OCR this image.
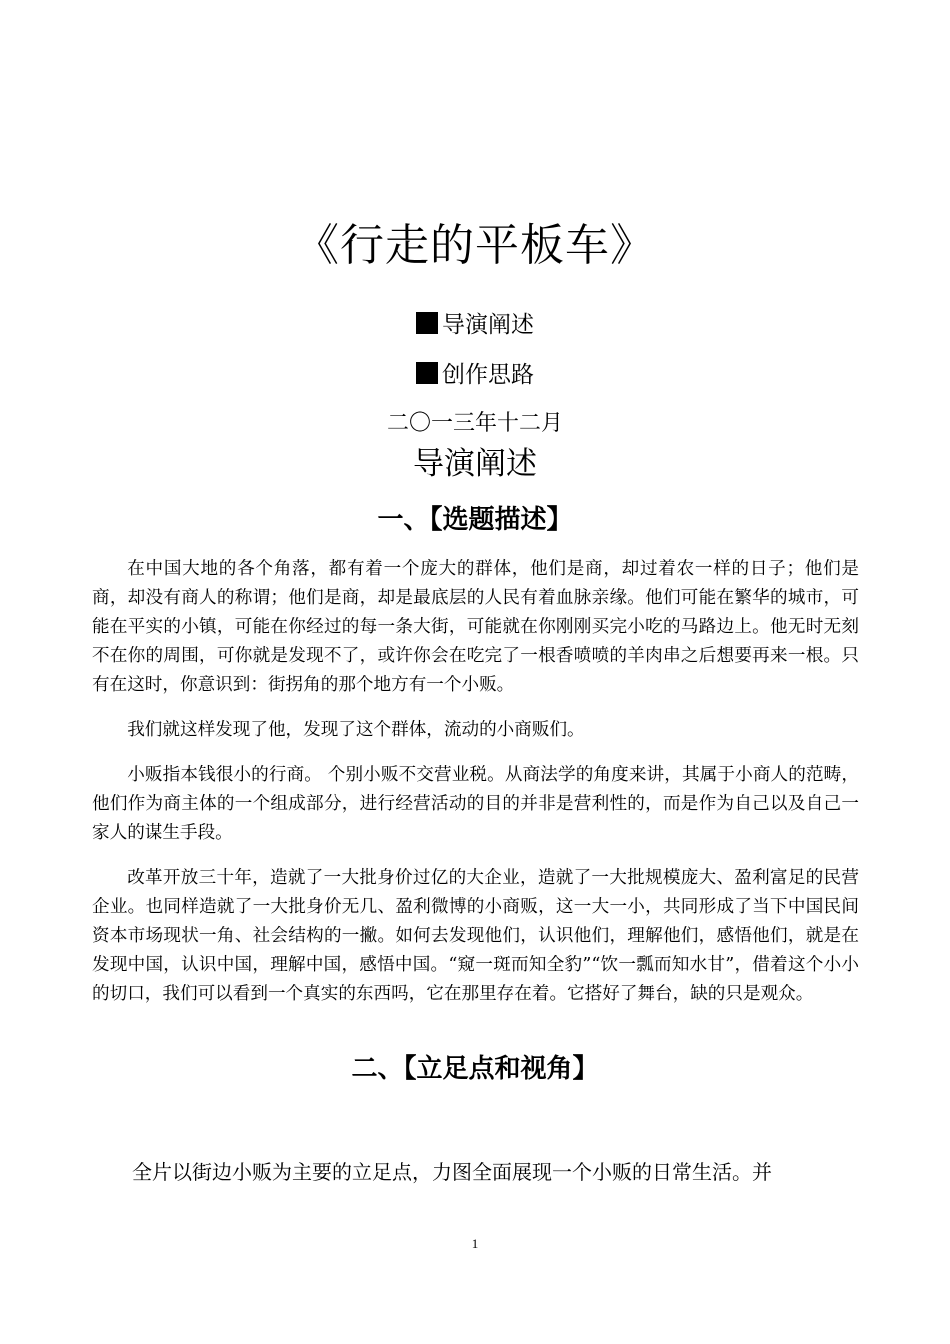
《行走的平板车》
导演阐述
创作思路
二〇一三年十二月
导演阐述
一、【选题描述】

在中国大地的各个角落，都有着一个庞大的群体，他们是商，却过着农一样的日子；他们是商，却没有商人的称谓；他们是商，却是最底层的人民有着血脉亲缘。他们可能在繁华的城市，可能在平实的小镇，可能在你经过的每一条大街，可能就在你刚刚买完小吃的马路边上。他无时无刻不在你的周围，可你就是发现不了，或许你会在吃完了一根香喷喷的羊肉串之后想要再来一根。只有在这时，你意识到：街拐角的那个地方有一个小贩。

我们就这样发现了他，发现了这个群体，流动的小商贩们。

小贩指本钱很小的行商。 个别小贩不交营业税。从商法学的角度来讲，其属于小商人的范畴，他们作为商主体的一个组成部分，进行经营活动的目的并非是营利性的，而是作为自己以及自己一家人的谋生手段。

改革开放三十年，造就了一大批身价过亿的大企业，造就了一大批规模庞大、盈利富足的民营企业。也同样造就了一大批身价无几、盈利微博的小商贩，这一大一小，共同形成了当下中国民间资本市场现状一角、社会结构的一撇。如何去发现他们，认识他们，理解他们，感悟他们，就是在发现中国，认识中国，理解中国，感悟中国。“窥一斑而知全豹”“饮一瓢而知水甘”，借着这个小小的切口，我们可以看到一个真实的东西吗，它在那里存在着。它搭好了舞台，缺的只是观众。

二、【立足点和视角】

全片以街边小贩为主要的立足点，力图全面展现一个小贩的日常生活。并

1
